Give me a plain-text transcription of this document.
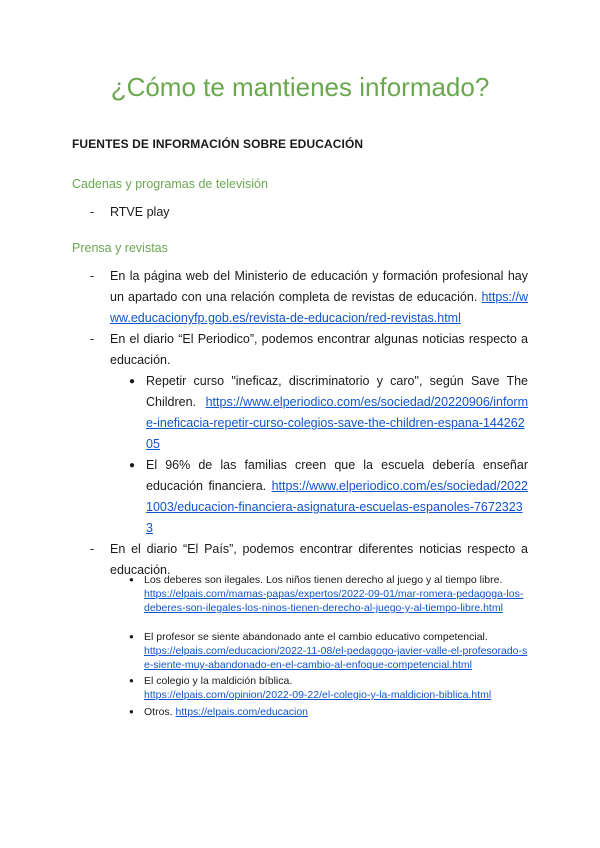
¿Cómo te mantienes informado?
FUENTES DE INFORMACIÓN SOBRE EDUCACIÓN

Cadenas y programas de televisión

- RTVE play

Prensa y revistas

- En la página web del Ministerio de educación y formación profesional hay un apartado con una relación completa de revistas de educación. https://www.educacionyfp.gob.es/revista-de-educacion/red-revistas.html
- En el diario “El Periodico”, podemos encontrar algunas noticias respecto a educación.
● Repetir curso "ineficaz, discriminatorio y caro", según Save The Children. https://www.elperiodico.com/es/sociedad/20220906/informe-ineficacia-repetir-curso-colegios-save-the-children-espana-14426205
● El 96% de las familias creen que la escuela debería enseñar educación financiera. https://www.elperiodico.com/es/sociedad/20221003/educacion-financiera-asignatura-escuelas-espanoles-76723233
- En el diario “El País”, podemos encontrar diferentes noticias respecto a educación.
● Los deberes son ilegales. Los niños tienen derecho al juego y al tiempo libre.
https://elpais.com/mamas-papas/expertos/2022-09-01/mar-romera-pedagoga-los-deberes-son-ilegales-los-ninos-tienen-derecho-al-juego-y-al-tiempo-libre.html
● El profesor se siente abandonado ante el cambio educativo competencial.
https://elpais.com/educacion/2022-11-08/el-pedagogo-javier-valle-el-profesorado-se-siente-muy-abandonado-en-el-cambio-al-enfoque-competencial.html
● El colegio y la maldición bíblica.
https://elpais.com/opinion/2022-09-22/el-colegio-y-la-maldicion-biblica.html
● Otros. https://elpais.com/educacion
